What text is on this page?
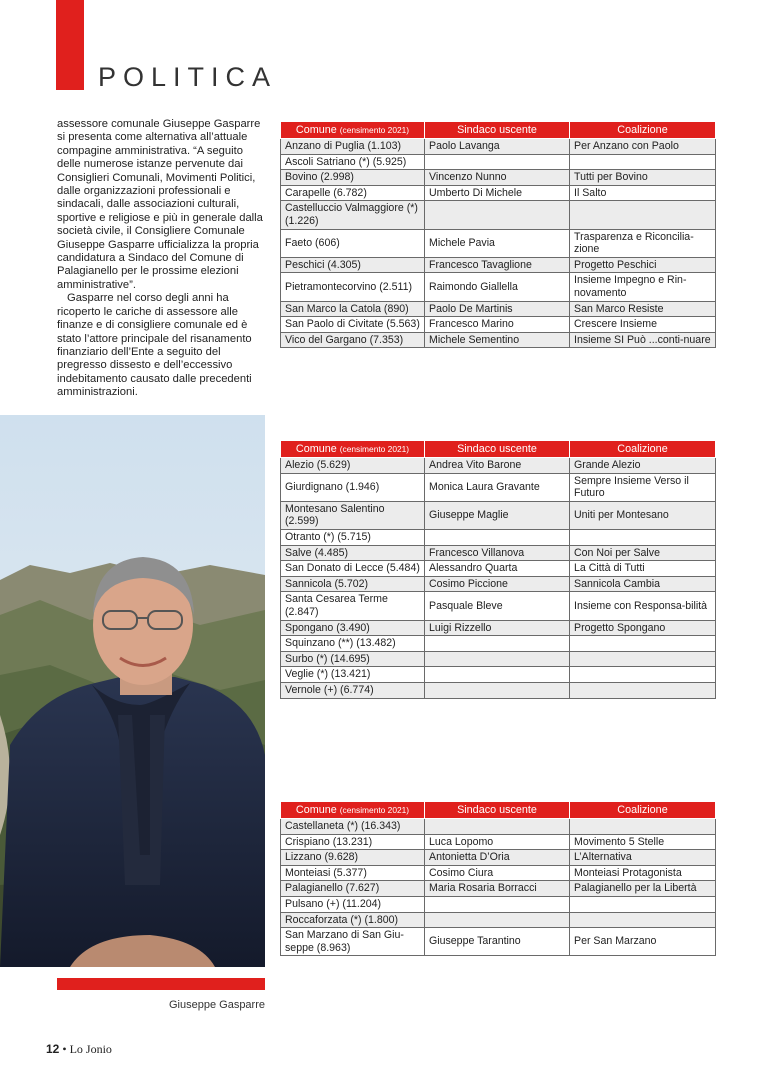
POLITICA

assessore comunale Giuseppe Gasparre si presenta come alternativa all’attuale compagine amministrativa. “A seguito delle numerose istanze pervenute dai Consiglieri Comunali, Movimenti Politici, dalle organizzazioni professionali e sindacali, dalle associazioni culturali, sportive e religiose e più in generale dalla società civile, il Consigliere Comunale Giuseppe Gasparre ufficializza la propria candidatura a Sindaco del Comune di Palagianello per le prossime elezioni amministrative”.

Gasparre nel corso degli anni ha ricoperto le cariche di assessore alle finanze e di consigliere comunale ed è stato l’attore principale del risanamento finanziario dell’Ente a seguito del pregresso dissesto e dell’eccessivo indebitamento causato dalle precedenti amministrazioni.

Giuseppe Gasparre
12 • Lo Jonio
Comune (censimento 2021)	Sindaco uscente	Coalizione
Anzano di Puglia (1.103)	Paolo Lavanga	Per Anzano con Paolo
Ascoli Satriano (*) (5.925)		
Bovino (2.998)	Vincenzo Nunno	Tutti per Bovino
Carapelle (6.782)	Umberto Di Michele	Il Salto
Castelluccio Valmaggiore (*) (1.226)		
Faeto (606)	Michele Pavia	Trasparenza e Riconcilia-zione
Peschici (4.305)	Francesco Tavaglione	Progetto Peschici
Pietramontecorvino (2.511)	Raimondo Giallella	Insieme Impegno e Rin-novamento
San Marco la Catola (890)	Paolo De Martinis	San Marco Resiste
San Paolo di Civitate (5.563)	Francesco Marino	Crescere Insieme
Vico del Gargano (7.353)	Michele Sementino	Insieme SI Può ...conti-nuare
Comune (censimento 2021)	Sindaco uscente	Coalizione
Alezio (5.629)	Andrea Vito Barone	Grande Alezio
Giurdignano (1.946)	Monica Laura Gravante	Sempre Insieme Verso il Futuro
Montesano Salentino (2.599)	Giuseppe Maglie	Uniti per Montesano
Otranto (*) (5.715)		
Salve (4.485)	Francesco Villanova	Con Noi per Salve
San Donato di Lecce (5.484)	Alessandro Quarta	La Città di Tutti
Sannicola (5.702)	Cosimo Piccione	Sannicola Cambia
Santa Cesarea Terme (2.847)	Pasquale Bleve	Insieme con Responsa-bilità
Spongano (3.490)	Luigi Rizzello	Progetto Spongano
Squinzano (**) (13.482)		
Surbo (*) (14.695)		
Veglie (*) (13.421)		
Vernole (+) (6.774)		
Comune (censimento 2021)	Sindaco uscente	Coalizione
Castellaneta (*) (16.343)		
Crispiano (13.231)	Luca Lopomo	Movimento 5 Stelle
Lizzano (9.628)	Antonietta D’Oria	L’Alternativa
Monteiasi (5.377)	Cosimo Ciura	Monteiasi Protagonista
Palagianello (7.627)	Maria Rosaria Borracci	Palagianello per la Libertà
Pulsano (+) (11.204)		
Roccaforzata (*) (1.800)		
San Marzano di San Giu-seppe (8.963)	Giuseppe Tarantino	Per San Marzano
